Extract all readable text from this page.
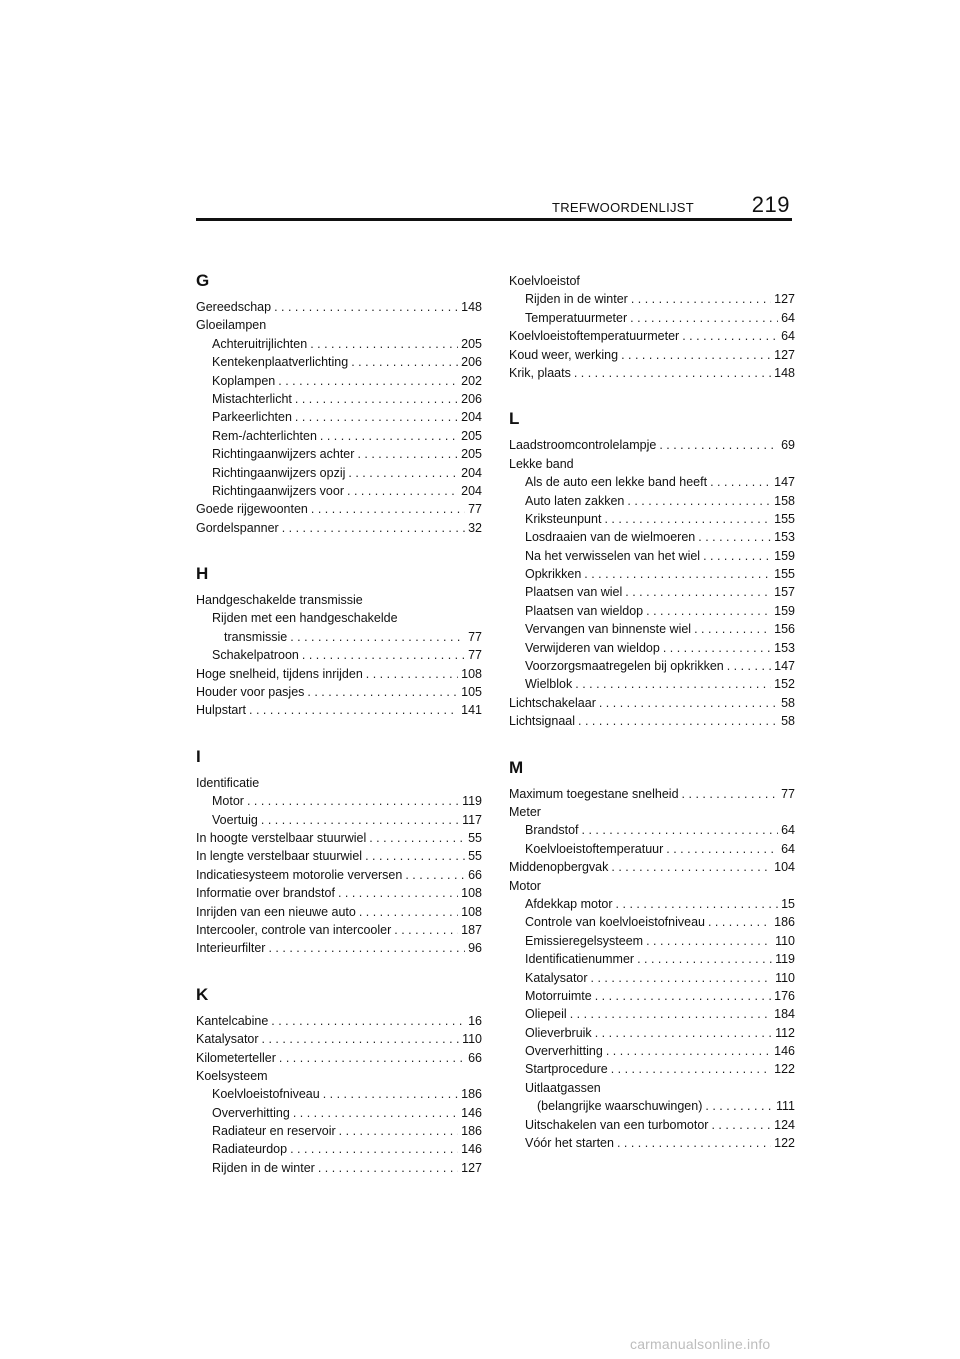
TREFWOORDENLIJST	219
G
Gereedschap . . .	148
Gloeilampen
Achteruitrijlichten . . .	205
Kentekenplaatverlichting . . .	206
Koplampen . . .	202
Mistachterlicht . . .	206
Parkeerlichten . . .	204
Rem-/achterlichten . . .	205
Richtingaanwijzers achter . . .	205
Richtingaanwijzers opzij . . .	204
Richtingaanwijzers voor . . .	204
Goede rijgewoonten . . .	77
Gordelspanner . . .	32
H
Handgeschakelde transmissie
Rijden met een handgeschakelde
transmissie . . .	77
Schakelpatroon . . .	77
Hoge snelheid, tijdens inrijden . . .	108
Houder voor pasjes . . .	105
Hulpstart . . .	141
I
Identificatie
Motor . . .	119
Voertuig . . .	117
In hoogte verstelbaar stuurwiel . . .	55
In lengte verstelbaar stuurwiel . . .	55
Indicatiesysteem motorolie verversen . . .	66
Informatie over brandstof . . .	108
Inrijden van een nieuwe auto . . .	108
Intercooler, controle van intercooler . . .	187
Interieurfilter . . .	96
K
Kantelcabine . . .	16
Katalysator . . .	110
Kilometerteller . . .	66
Koelsysteem
Koelvloeistofniveau . . .	186
Oververhitting . . .	146
Radiateur en reservoir . . .	186
Radiateurdop . . .	146
Rijden in de winter . . .	127
Koelvloeistof
Rijden in de winter . . .	127
Temperatuurmeter . . .	64
Koelvloeistoftemperatuurmeter . . .	64
Koud weer, werking . . .	127
Krik, plaats . . .	148
L
Laadstroomcontrolelampje . . .	69
Lekke band
Als de auto een lekke band heeft . . .	147
Auto laten zakken . . .	158
Kriksteunpunt . . .	155
Losdraaien van de wielmoeren . . .	153
Na het verwisselen van het wiel . . .	159
Opkrikken . . .	155
Plaatsen van wiel . . .	157
Plaatsen van wieldop . . .	159
Vervangen van binnenste wiel . . .	156
Verwijderen van wieldop . . .	153
Voorzorgsmaatregelen bij opkrikken . . .	147
Wielblok . . .	152
Lichtschakelaar . . .	58
Lichtsignaal . . .	58
M
Maximum toegestane snelheid . . .	77
Meter
Brandstof . . .	64
Koelvloeistoftemperatuur . . .	64
Middenopbergvak . . .	104
Motor
Afdekkap motor . . .	15
Controle van koelvloeistofniveau . . .	186
Emissieregelsysteem . . .	110
Identificatienummer . . .	119
Katalysator . . .	110
Motorruimte . . .	176
Oliepeil . . .	184
Olieverbruik . . .	112
Oververhitting . . .	146
Startprocedure . . .	122
Uitlaatgassen
(belangrijke waarschuwingen) . . .	111
Uitschakelen van een turbomotor . . .	124
Vóór het starten . . .	122
carmanualsonline.info
